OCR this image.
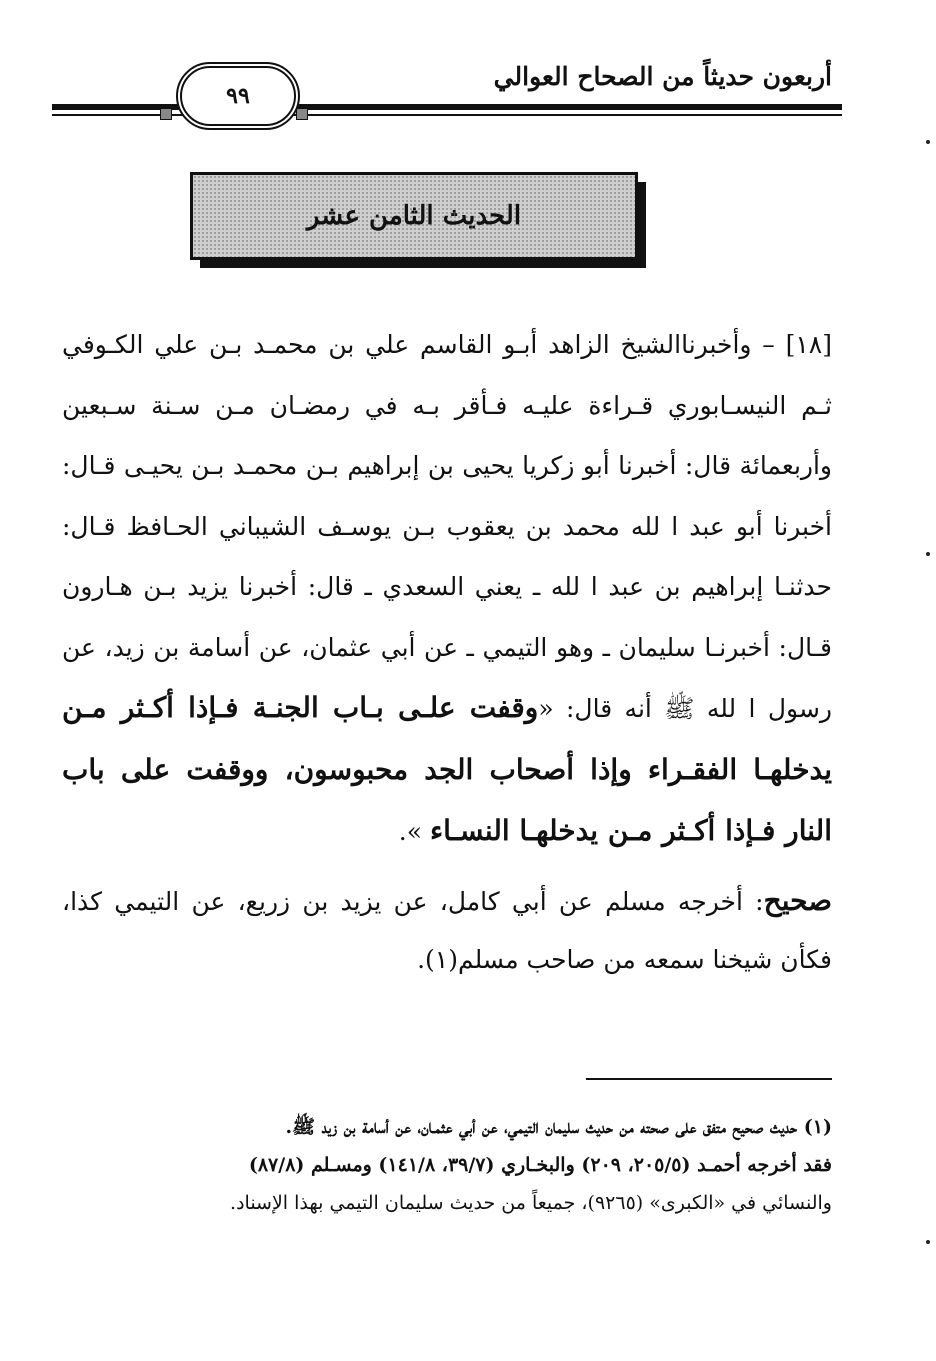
أربعون حديثاً من الصحاح العوالي
٩٩
الحديث الثامن عشر
[١٨] – وأخبرناالشيخ الزاهد أبـو القاسم علي بن محمـد بـن علي الكـوفي ثـم النيسـابوري قـراءة عليـه فـأقر بـه في رمضـان مـن سـنة سـبعين وأربعمائة قال: أخبرنا أبو زكريا يحيى بن إبراهيم بـن محمـد بـن يحيـى قـال: أخبرنا أبو عبد ا لله محمد بن يعقوب بـن يوسـف الشيباني الحـافظ قـال: حدثنـا إبراهيم بن عبد ا لله ـ يعني السعدي ـ قال: أخبرنا يزيد بـن هـارون قـال: أخبرنـا سليمان ـ وهو التيمي ـ عن أبي عثمان، عن أسامة بن زيد، عن رسول ا لله ﷺ أنه قال: «وقفت علـى بـاب الجنـة فـإذا أكـثر مـن يدخلهـا الفقـراء وإذا أصحاب الجد محبوسون، ووقفت على باب النار فـإذا أكـثر مـن يدخلهـا النسـاء ».
صحيح: أخرجه مسلم عن أبي كامل، عن يزيد بن زريع، عن التيمي كذا، فكأن شيخنا سمعه من صاحب مسلم(١).
(١) حديث صحيح متفق على صحته من حديث سليمان التيمي، عن أبي عثمـان، عن أسامة بن زيد ﷺ.
فقد أخرجه أحمـد (٢٠٥/٥، ٢٠٩) والبخـاري (٣٩/٧، ١٤١/٨) ومسـلم (٨٧/٨)
والنسائي في «الكبرى» (٩٢٦٥)، جميعاً من حديث سليمان التيمي بهذا الإسناد.
